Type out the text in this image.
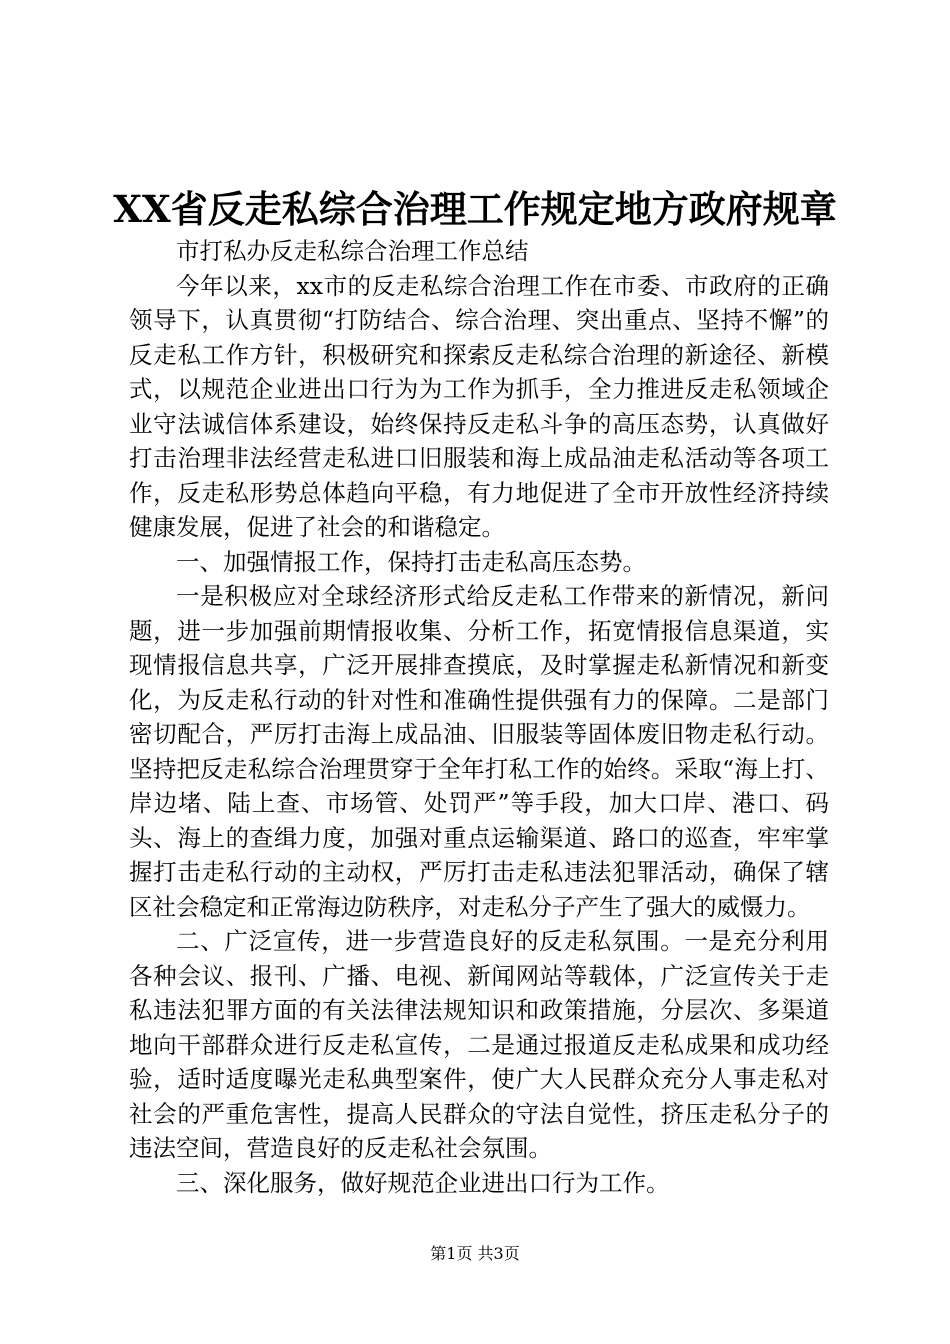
XX省反走私综合治理工作规定地方政府规章

市打私办反走私综合治理工作总结

今年以来，xx市的反走私综合治理工作在市委、市政府的正确领导下，认真贯彻“打防结合、综合治理、突出重点、坚持不懈”的反走私工作方针，积极研究和探索反走私综合治理的新途径、新模式，以规范企业进出口行为为工作为抓手，全力推进反走私领域企业守法诚信体系建设，始终保持反走私斗争的高压态势，认真做好打击治理非法经营走私进口旧服装和海上成品油走私活动等各项工作，反走私形势总体趋向平稳，有力地促进了全市开放性经济持续健康发展，促进了社会的和谐稳定。

一、加强情报工作，保持打击走私高压态势。

一是积极应对全球经济形式给反走私工作带来的新情况，新问题，进一步加强前期情报收集、分析工作，拓宽情报信息渠道，实现情报信息共享，广泛开展排查摸底，及时掌握走私新情况和新变化，为反走私行动的针对性和准确性提供强有力的保障。二是部门密切配合，严厉打击海上成品油、旧服装等固体废旧物走私行动。坚持把反走私综合治理贯穿于全年打私工作的始终。采取“海上打、岸边堵、陆上查、市场管、处罚严”等手段，加大口岸、港口、码头、海上的查缉力度，加强对重点运输渠道、路口的巡查，牢牢掌握打击走私行动的主动权，严厉打击走私违法犯罪活动，确保了辖区社会稳定和正常海边防秩序，对走私分子产生了强大的威慑力。

二、广泛宣传，进一步营造良好的反走私氛围。一是充分利用各种会议、报刊、广播、电视、新闻网站等载体，广泛宣传关于走私违法犯罪方面的有关法律法规知识和政策措施，分层次、多渠道地向干部群众进行反走私宣传，二是通过报道反走私成果和成功经验，适时适度曝光走私典型案件，使广大人民群众充分人事走私对社会的严重危害性，提高人民群众的守法自觉性，挤压走私分子的违法空间，营造良好的反走私社会氛围。

三、深化服务，做好规范企业进出口行为工作。

第1页 共3页
